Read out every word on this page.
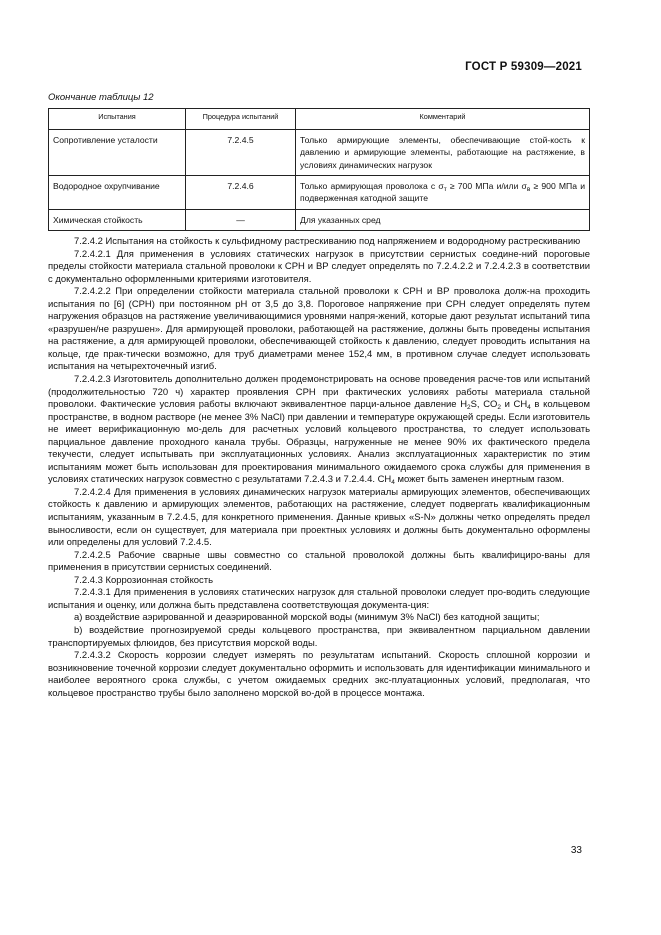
ГОСТ Р 59309—2021
Окончание таблицы 12
Испытания	Процедура испытаний	Комментарий
Сопротивление усталости	7.2.4.5	Только армирующие элементы, обеспечивающие стой-кость к давлению и армирующие элементы, работающие на растяжение, в условиях динамических нагрузок
Водородное охрупчивание	7.2.4.6	Только армирующая проволока с $\sigma_т \ge 700$ МПа и/или $\sigma_в \ge 900$ МПа и подверженная катодной защите
Химическая стойкость	—	Для указанных сред

7.2.4.2 Испытания на стойкость к сульфидному растрескиванию под напряжением и водородному растрескиванию

7.2.4.2.1 Для применения в условиях статических нагрузок в присутствии сернистых соедине-ний пороговые пределы стойкости материала стальной проволоки к СРН и ВР следует определять по 7.2.4.2.2 и 7.2.4.2.3 в соответствии с документально оформленными критериями изготовителя.

7.2.4.2.2 При определении стойкости материала стальной проволоки к СРН и ВР проволока долж-на проходить испытания по [6] (СРН) при постоянном pH от 3,5 до 3,8. Пороговое напряжение при СРН следует определять путем нагружения образцов на растяжение увеличивающимися уровнями напря-жений, которые дают результат испытаний типа «разрушен/не разрушен». Для армирующей проволоки, работающей на растяжение, должны быть проведены испытания на растяжение, а для армирующей проволоки, обеспечивающей стойкость к давлению, следует проводить испытания на кольце, где прак-тически возможно, для труб диаметрами менее 152,4 мм, в противном случае следует использовать испытания на четырехточечный изгиб.

7.2.4.2.3 Изготовитель дополнительно должен продемонстрировать на основе проведения расче-тов или испытаний (продолжительностью 720 ч) характер проявления СРН при фактических условиях работы материала стальной проволоки. Фактические условия работы включают эквивалентное парци-альное давление $H_2S$, $CO_2$ и $CH_4$ в кольцевом пространстве, в водном растворе (не менее 3% NaCl) при давлении и температуре окружающей среды. Если изготовитель не имеет верификационную мо-дель для расчетных условий кольцевого пространства, то следует использовать парциальное давление проходного канала трубы. Образцы, нагруженные не менее 90% их фактического предела текучести, следует испытывать при эксплуатационных условиях. Анализ эксплуатационных характеристик по этим испытаниям может быть использован для проектирования минимального ожидаемого срока службы для применения в условиях статических нагрузок совместно с результатами 7.2.4.3 и 7.2.4.4. $CH_4$ может быть заменен инертным газом.

7.2.4.2.4 Для применения в условиях динамических нагрузок материалы армирующих элементов, обеспечивающих стойкость к давлению и армирующих элементов, работающих на растяжение, следует подвергать квалификационным испытаниям, указанным в 7.2.4.5, для конкретного применения. Данные кривых «S-N» должны четко определять предел выносливости, если он существует, для материала при проектных условиях и должны быть документально оформлены или определены для условий 7.2.4.5.

7.2.4.2.5 Рабочие сварные швы совместно со стальной проволокой должны быть квалифициро-ваны для применения в присутствии сернистых соединений.

7.2.4.3 Коррозионная стойкость

7.2.4.3.1 Для применения в условиях статических нагрузок для стальной проволоки следует про-водить следующие испытания и оценку, или должна быть представлена соответствующая документа-ция:

a) воздействие аэрированной и деаэрированной морской воды (минимум 3% NaCl) без катодной защиты;

b) воздействие прогнозируемой среды кольцевого пространства, при эквивалентном парциальном давлении транспортируемых флюидов, без присутствия морской воды.

7.2.4.3.2 Скорость коррозии следует измерять по результатам испытаний. Скорость сплошной коррозии и возникновение точечной коррозии следует документально оформить и использовать для идентификации минимального и наиболее вероятного срока службы, с учетом ожидаемых средних экс-плуатационных условий, предполагая, что кольцевое пространство трубы было заполнено морской во-дой в процессе монтажа.

33
